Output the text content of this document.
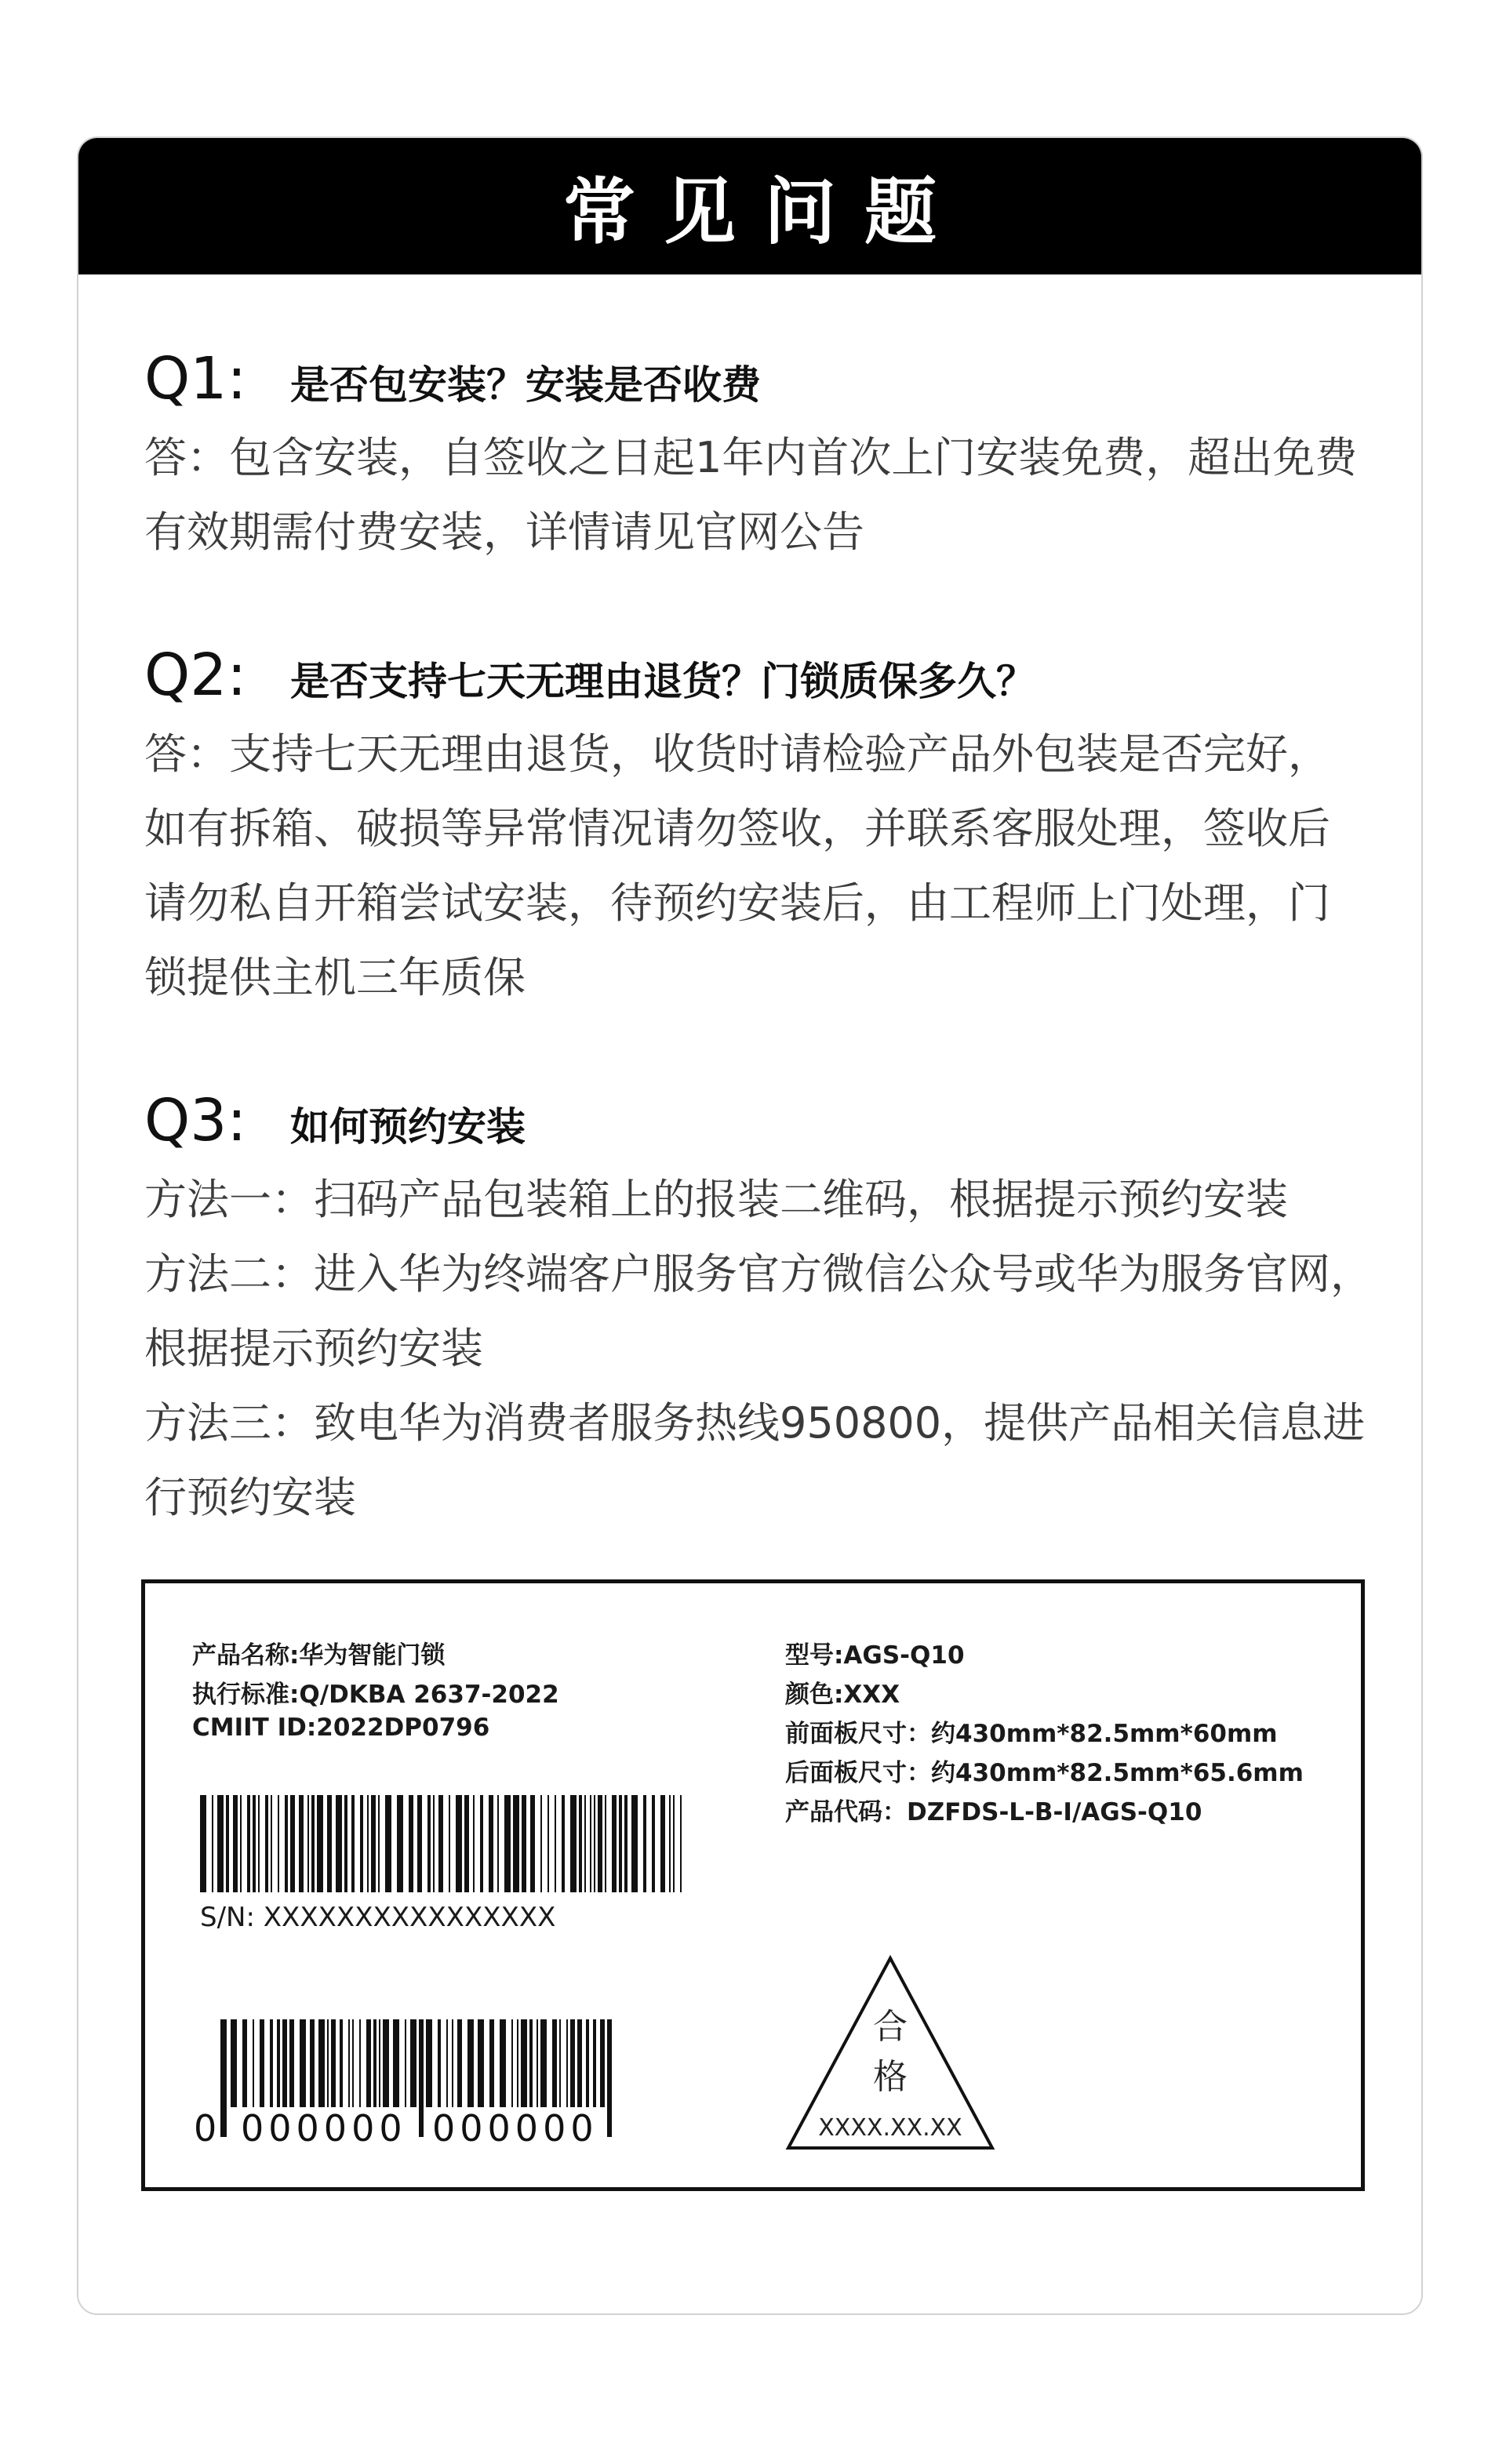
常见问题
Q1:	是否包安装？安装是否收费
答：包含安装，自签收之日起1年内首次上门安装免费，超出免费
有效期需付费安装，详情请见官网公告
Q2:	是否支持七天无理由退货？门锁质保多久？
答：支持七天无理由退货，收货时请检验产品外包装是否完好，
如有拆箱、破损等异常情况请勿签收，并联系客服处理，签收后
请勿私自开箱尝试安装，待预约安装后，由工程师上门处理，门
锁提供主机三年质保
Q3:	如何预约安装
方法一：扫码产品包装箱上的报装二维码，根据提示预约安装
方法二：进入华为终端客户服务官方微信公众号或华为服务官网，
根据提示预约安装
方法三：致电华为消费者服务热线950800，提供产品相关信息进
行预约安装
产品名称:华为智能门锁
执行标准:Q/DKBA 2637-2022
CMIIT ID:2022DP0796
型号:AGS-Q10
颜色:XXX
前面板尺寸：约430mm*82.5mm*60mm
后面板尺寸：约430mm*82.5mm*65.6mm
产品代码：DZFDS-L-B-I/AGS-Q10
S/N: XXXXXXXXXXXXXXXX
0 000000 000000
合
格
XXXX.XX.XX
